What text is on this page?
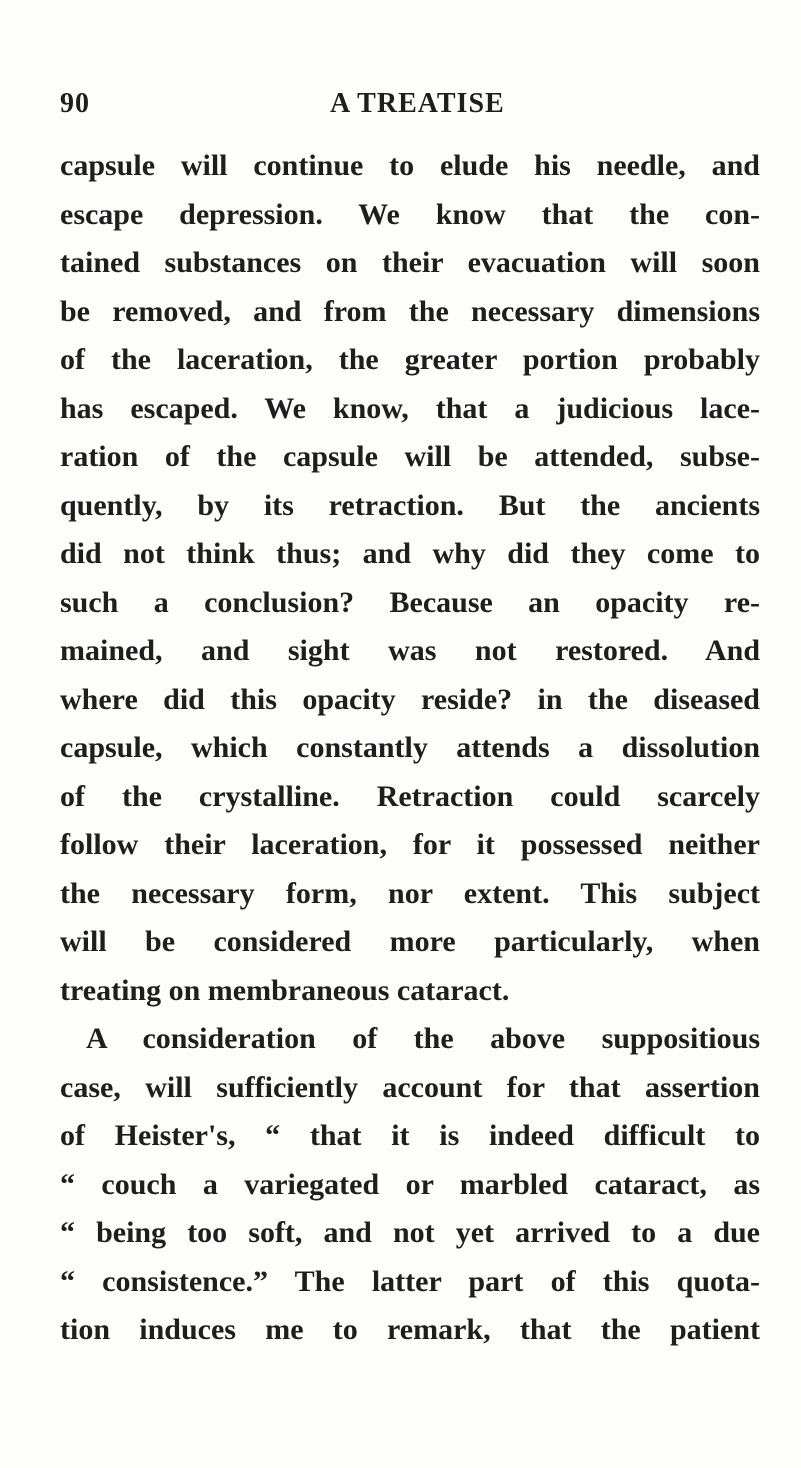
90	A TREATISE
capsule will continue to elude his needle, and
escape depression. We know that the con-
tained substances on their evacuation will soon
be removed, and from the necessary dimensions
of the laceration, the greater portion probably
has escaped. We know, that a judicious lace-
ration of the capsule will be attended, subse-
quently, by its retraction. But the ancients
did not think thus; and why did they come to
such a conclusion? Because an opacity re-
mained, and sight was not restored. And
where did this opacity reside? in the diseased
capsule, which constantly attends a dissolution
of the crystalline. Retraction could scarcely
follow their laceration, for it possessed neither
the necessary form, nor extent. This subject
will be considered more particularly, when
treating on membraneous cataract.
A consideration of the above suppositious
case, will sufficiently account for that assertion
of Heister's, “ that it is indeed difficult to
“ couch a variegated or marbled cataract, as
“ being too soft, and not yet arrived to a due
“ consistence.” The latter part of this quota-
tion induces me to remark, that the patient
